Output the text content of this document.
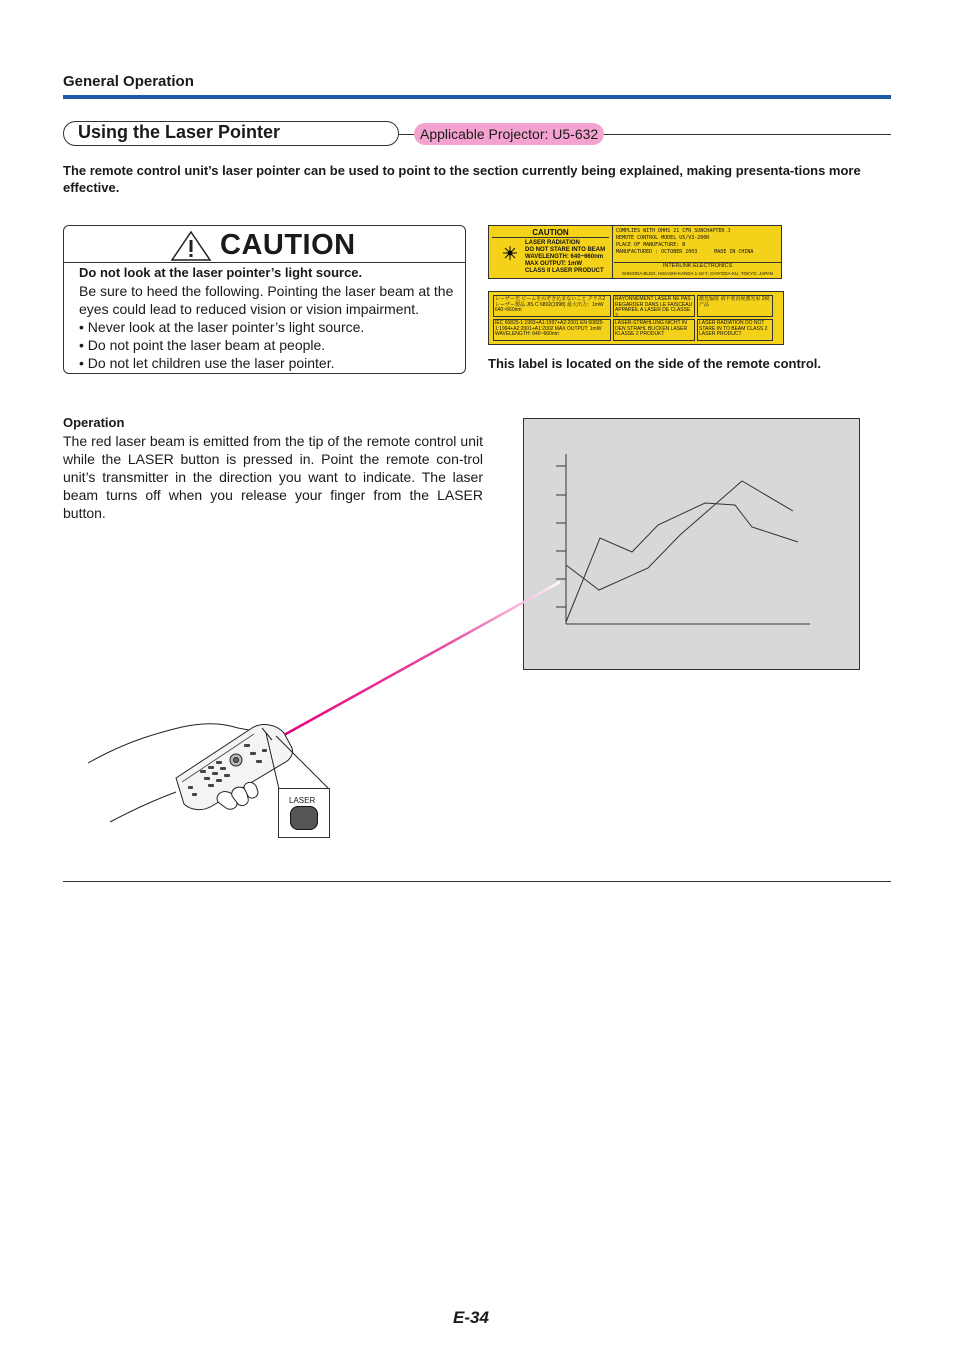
General Operation
Using the Laser Pointer	Applicable Projector: U5-632
The remote control unit’s laser pointer can be used to point to the section currently being explained, making presenta-tions more effective.
CAUTION
Do not look at the laser pointer’s light source.
Be sure to heed the following. Pointing the laser beam at the eyes could lead to reduced vision or vision impairment.
• Never look at the laser pointer’s light source.
• Do not point the laser beam at people.
• Do not let children use the laser pointer.
CAUTION
LASER RADIATION
DO NOT STARE INTO BEAM
WAVELENGTH: 640~660nm
MAX OUTPUT: 1mW
CLASS II LASER PRODUCT
COMPLIES WITH DHHS 21 CFR SUBCHAPTER J
REMOTE CONTROL MODEL U5/V3-200R
PLACE OF MANUFACTURE: B
MANUFACTURED : OCTOBER 2003	MADE IN CHINA
INTERLINK ELECTRONICS
SHINODA BLDG, HIGASHI-KANDA 1-10-7, CHIYODA-KU, TOKYO, JAPAN
レーザー光 ビームをのぞき込まないこと クラス2レーザー製品 JIS C 6802(1998) 最大出力：1mW 640~660nm
RAYONNEMENT LASER NE PAS REGARDER DANS LE FAISCEAU APPAREIL A LASER DE CLASSE 2
激光辐射 请不要直视激光束 2级产品
IEC 60825-1:1993+A1:1997+A2:2001 EN 60825-1:1994+A2:2001+A1:2002 MAX OUTPUT: 1mW WAVELENGTH: 640~660nm
LASER-STRAHLUNG NICHT IN DEN STRAHL BLICKEN LASER KLASSE 2 PRODUKT
LASER RADIATION DO NOT STARE IN TO BEAM CLASS 2 LASER PRODUCT
This label is located on the side of the remote control.
Operation
The red laser beam is emitted from the tip of the remote control unit while the LASER button is pressed in. Point the remote con-trol unit’s transmitter in the direction you want to indicate. The laser beam turns off when you release your finger from the LASER button.
LASER
E-34
